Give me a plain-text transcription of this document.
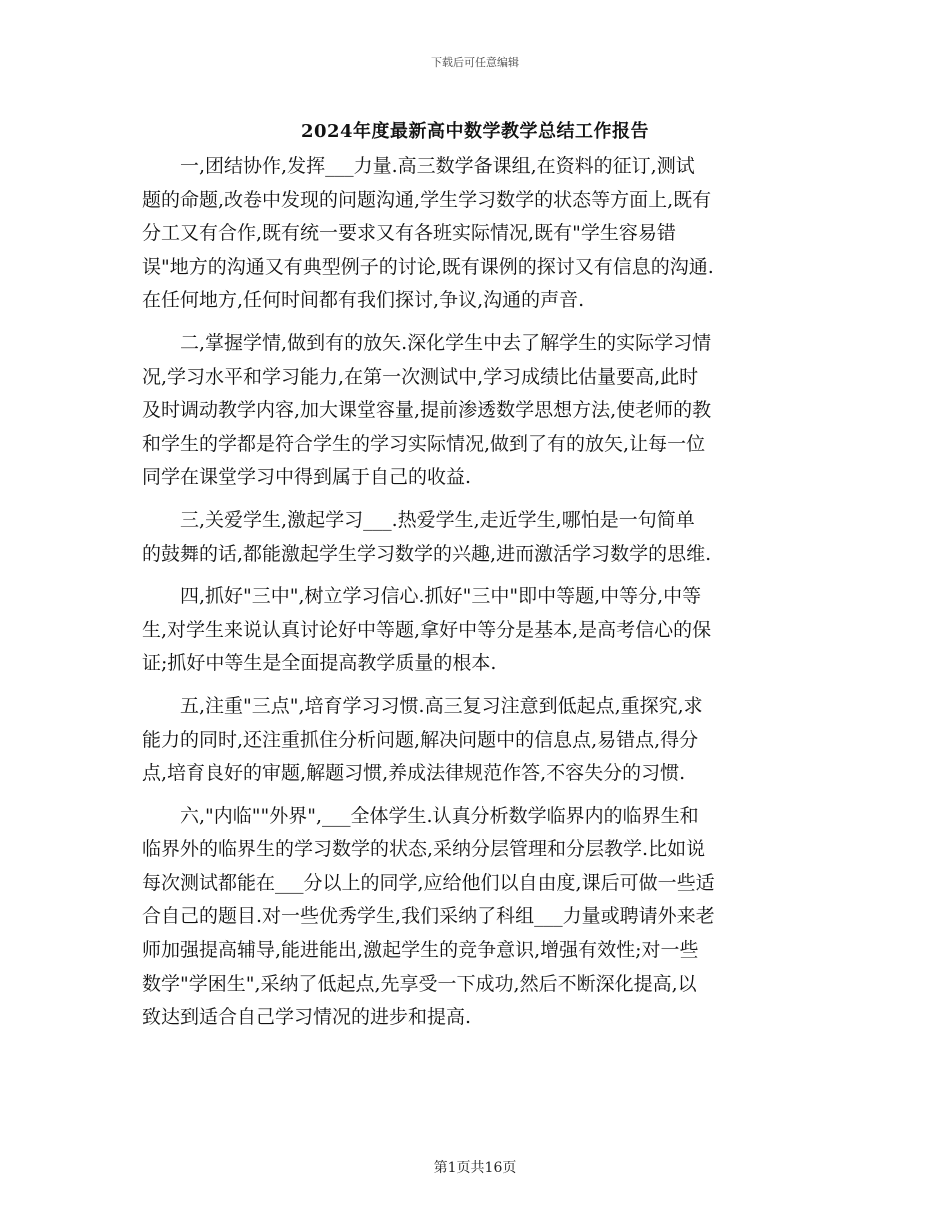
下载后可任意编辑
2024年度最新高中数学教学总结工作报告

　　一,团结协作,发挥___力量.高三数学备课组,在资料的征订,测试
题的命题,改卷中发现的问题沟通,学生学习数学的状态等方面上,既有
分工又有合作,既有统一要求又有各班实际情况,既有"学生容易错
误"地方的沟通又有典型例子的讨论,既有课例的探讨又有信息的沟通.
在任何地方,任何时间都有我们探讨,争议,沟通的声音.

　　二,掌握学情,做到有的放矢.深化学生中去了解学生的实际学习情
况,学习水平和学习能力,在第一次测试中,学习成绩比估量要高,此时
及时调动教学内容,加大课堂容量,提前渗透数学思想方法,使老师的教
和学生的学都是符合学生的学习实际情况,做到了有的放矢,让每一位
同学在课堂学习中得到属于自己的收益.

　　三,关爱学生,激起学习___.热爱学生,走近学生,哪怕是一句简单
的鼓舞的话,都能激起学生学习数学的兴趣,进而激活学习数学的思维.

　　四,抓好"三中",树立学习信心.抓好"三中"即中等题,中等分,中等
生,对学生来说认真讨论好中等题,拿好中等分是基本,是高考信心的保
证;抓好中等生是全面提高教学质量的根本.

　　五,注重"三点",培育学习习惯.高三复习注意到低起点,重探究,求
能力的同时,还注重抓住分析问题,解决问题中的信息点,易错点,得分
点,培育良好的审题,解题习惯,养成法律规范作答,不容失分的习惯.

　　六,"内临""外界",___全体学生.认真分析数学临界内的临界生和
临界外的临界生的学习数学的状态,采纳分层管理和分层教学.比如说
每次测试都能在___分以上的同学,应给他们以自由度,课后可做一些适
合自己的题目.对一些优秀学生,我们采纳了科组___力量或聘请外来老
师加强提高辅导,能进能出,激起学生的竞争意识,增强有效性;对一些
数学"学困生",采纳了低起点,先享受一下成功,然后不断深化提高,以
致达到适合自己学习情况的进步和提高.

第1页共16页
